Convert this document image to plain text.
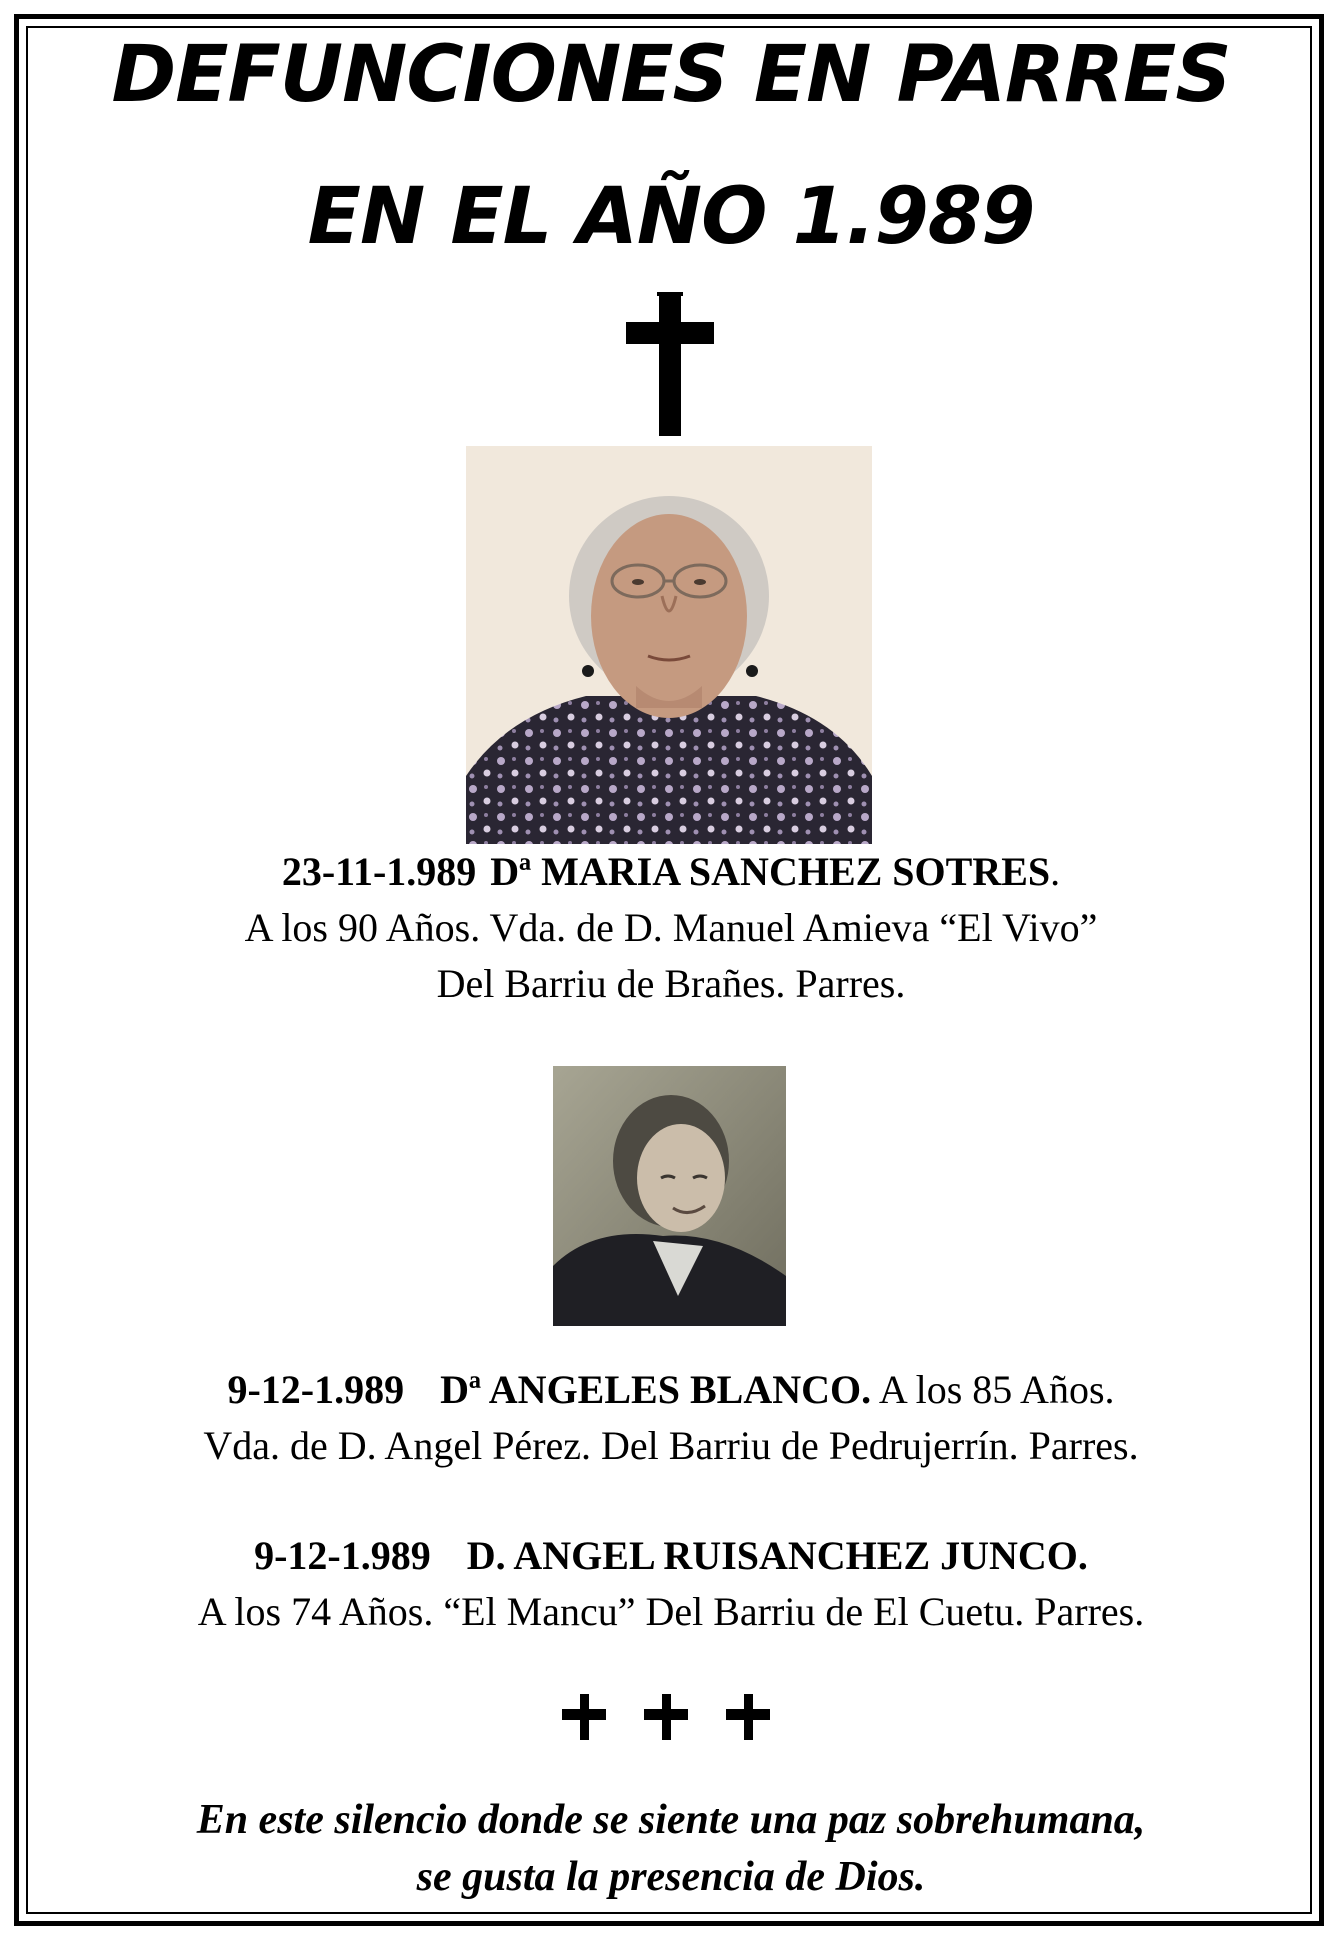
DEFUNCIONES EN PARRES
EN EL AÑO 1.989
23-11-1.989 Dª MARIA SANCHEZ SOTRES.
A los 90 Años. Vda. de D. Manuel Amieva “El Vivo”
Del Barriu de Brañes. Parres.
9-12-1.989 Dª ANGELES BLANCO. A los 85 Años.
Vda. de D. Angel Pérez. Del Barriu de Pedrujerrín. Parres.
9-12-1.989 D. ANGEL RUISANCHEZ JUNCO.
A los 74 Años. “El Mancu” Del Barriu de El Cuetu. Parres.
En este silencio donde se siente una paz sobrehumana,
se gusta la presencia de Dios.
